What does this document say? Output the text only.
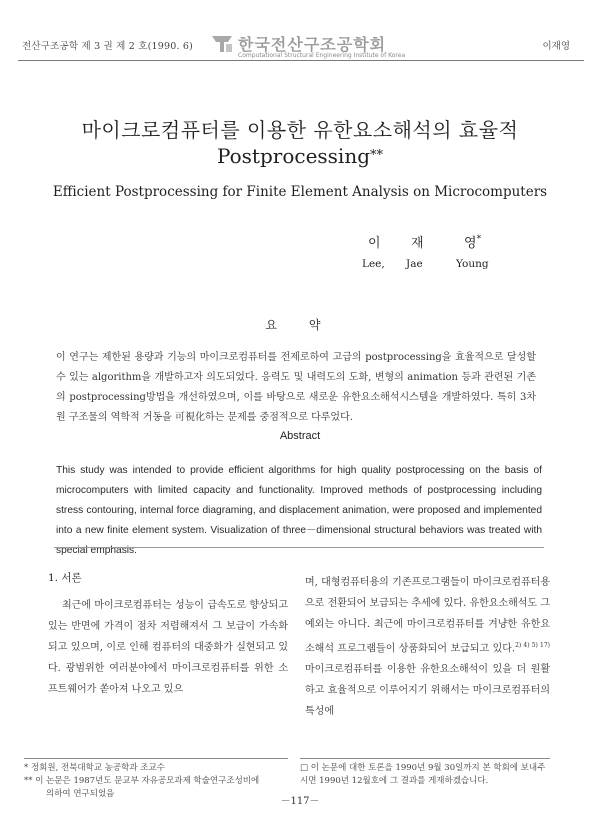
전산구조공학 제 3 권 제 2 호(1990. 6)	한국전산구조공학회
Computational Structural Engineering Institute of Korea
이재영
마이크로컴퓨터를 이용한 유한요소해석의 효율적
Postprocessing**
Efficient Postprocessing for Finite Element Analysis on Microcomputers
이 재	영*
Lee, Jae	Young
요 약
이 연구는 제한된 용량과 기능의 마이크로컴퓨터를 전제로하여 고급의 postprocessing을 효율적으로 달성할 수 있는 algorithm을 개발하고자 의도되었다. 응력도 및 내력도의 도화, 변형의 animation 등과 관련된 기존의 postprocessing방법을 개선하였으며, 이를 바탕으로 새로운 유한요소해석시스템을 개발하였다. 특히 3차원 구조물의 역학적 거동을 可視化하는 문제를 중점적으로 다루었다.
Abstract
This study was intended to provide efficient algorithms for high quality postprocessing on the basis of microcomputers with limited capacity and functionality. Improved methods of postprocessing including stress contouring, internal force diagraming, and displacement animation, were proposed and implemented into a new finite element system. Visualization of three－dimensional structural behaviors was treated with special emphasis.
1. 서론
최근에 마이크로컴퓨터는 성능이 급속도로 향상되고 있는 반면에 가격이 점차 저렴해져서 그 보급이 가속화되고 있으며, 이로 인해 컴퓨터의 대중화가 실현되고 있다. 광범위한 여러분야에서 마이크로컴퓨터를 위한 소프트웨어가 쏟아져 나오고 있으
며, 대형컴퓨터용의 기존프로그램들이 마이크로컴퓨터용으로 전환되어 보급되는 추세에 있다. 유한요소해석도 그 예외는 아니다. 최근에 마이크로컴퓨터를 겨냥한 유한요소해석 프로그램들이 상품화되어 보급되고 있다.$^{2) 4) 5) 17)}$ 마이크로컴퓨터를 이용한 유한요소해석이 있을 더 원활하고 효율적으로 이루어지기 위해서는 마이크로컴퓨터의 특성에
* 정회원, 전북대학교 농공학과 조교수
** 이 논문은 1987년도 문교부 자유공모과제 학술연구조성비에
의하여 연구되었음
□ 이 논문에 대한 토론을 1990년 9월 30일까지 본 학회에 보내주시면 1990년 12월호에 그 결과를 게재하겠습니다.
－117－
